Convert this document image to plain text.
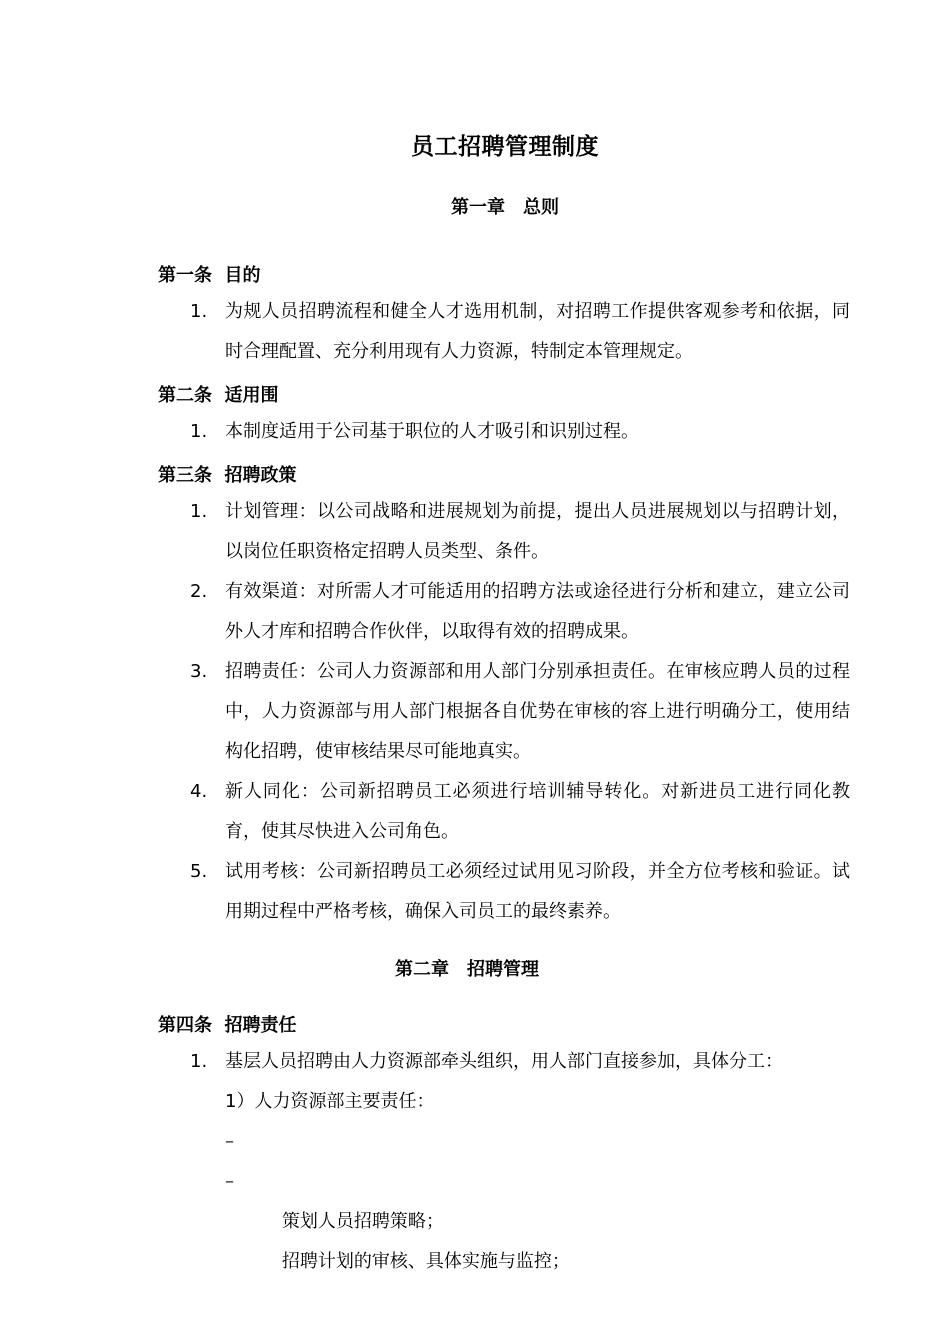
员工招聘管理制度
第一章　总则
第一条  目的
1. 为规人员招聘流程和健全人才选用机制，对招聘工作提供客观参考和依据，同时合理配置、充分利用现有人力资源，特制定本管理规定。
第二条  适用围
1. 本制度适用于公司基于职位的人才吸引和识别过程。
第三条  招聘政策
1. 计划管理：以公司战略和进展规划为前提，提出人员进展规划以与招聘计划，以岗位任职资格定招聘人员类型、条件。
2. 有效渠道：对所需人才可能适用的招聘方法或途径进行分析和建立，建立公司外人才库和招聘合作伙伴，以取得有效的招聘成果。
3. 招聘责任：公司人力资源部和用人部门分别承担责任。在审核应聘人员的过程中，人力资源部与用人部门根据各自优势在审核的容上进行明确分工，使用结构化招聘，使审核结果尽可能地真实。
4. 新人同化：公司新招聘员工必须进行培训辅导转化。对新进员工进行同化教育，使其尽快进入公司角色。
5. 试用考核：公司新招聘员工必须经过试用见习阶段，并全方位考核和验证。试用期过程中严格考核，确保入司员工的最终素养。
第二章　招聘管理
第四条  招聘责任
1. 基层人员招聘由人力资源部牵头组织，用人部门直接参加，具体分工：
1）人力资源部主要责任：

–

策划人员招聘策略；

–

招聘计划的审核、具体实施与监控；
